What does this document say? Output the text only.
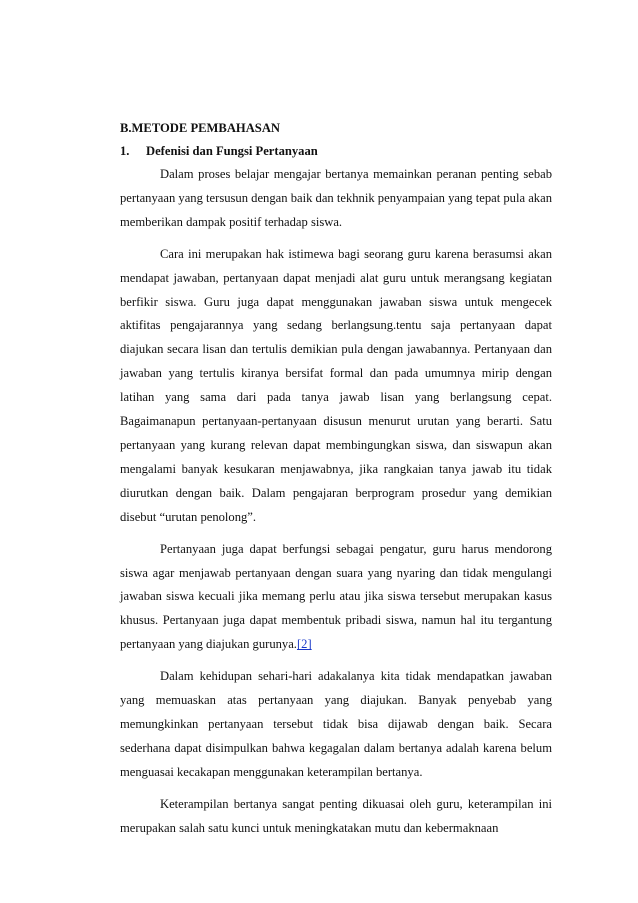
B.METODE PEMBAHASAN
1. Defenisi dan Fungsi Pertanyaan

Dalam proses belajar mengajar bertanya memainkan peranan penting sebab pertanyaan yang tersusun dengan baik dan tekhnik penyampaian yang tepat pula akan memberikan dampak positif terhadap siswa.

Cara ini merupakan hak istimewa bagi seorang guru karena berasumsi akan mendapat jawaban, pertanyaan dapat menjadi alat guru untuk merangsang kegiatan berfikir siswa. Guru juga dapat menggunakan jawaban siswa untuk mengecek aktifitas pengajarannya yang sedang berlangsung.tentu saja pertanyaan dapat diajukan secara lisan dan tertulis demikian pula dengan jawabannya. Pertanyaan dan jawaban yang tertulis kiranya bersifat formal dan pada umumnya mirip dengan latihan yang sama dari pada tanya jawab lisan yang berlangsung cepat. Bagaimanapun pertanyaan-pertanyaan disusun menurut urutan yang berarti. Satu pertanyaan yang kurang relevan dapat membingungkan siswa, dan siswapun akan mengalami banyak kesukaran menjawabnya, jika rangkaian tanya jawab itu tidak diurutkan dengan baik. Dalam pengajaran berprogram prosedur yang demikian disebut “urutan penolong”.

Pertanyaan juga dapat berfungsi sebagai pengatur, guru harus mendorong siswa agar menjawab pertanyaan dengan suara yang nyaring dan tidak mengulangi jawaban siswa kecuali jika memang perlu atau jika siswa tersebut merupakan kasus khusus. Pertanyaan juga dapat membentuk pribadi siswa, namun hal itu tergantung pertanyaan yang diajukan gurunya.[2]

Dalam kehidupan sehari-hari adakalanya kita tidak mendapatkan jawaban yang memuaskan atas pertanyaan yang diajukan. Banyak penyebab yang memungkinkan pertanyaan tersebut tidak bisa dijawab dengan baik. Secara sederhana dapat disimpulkan bahwa kegagalan dalam bertanya adalah karena belum menguasai kecakapan menggunakan keterampilan bertanya.

Keterampilan bertanya sangat penting dikuasai oleh guru, keterampilan ini merupakan salah satu kunci untuk meningkatakan mutu dan kebermaknaan
